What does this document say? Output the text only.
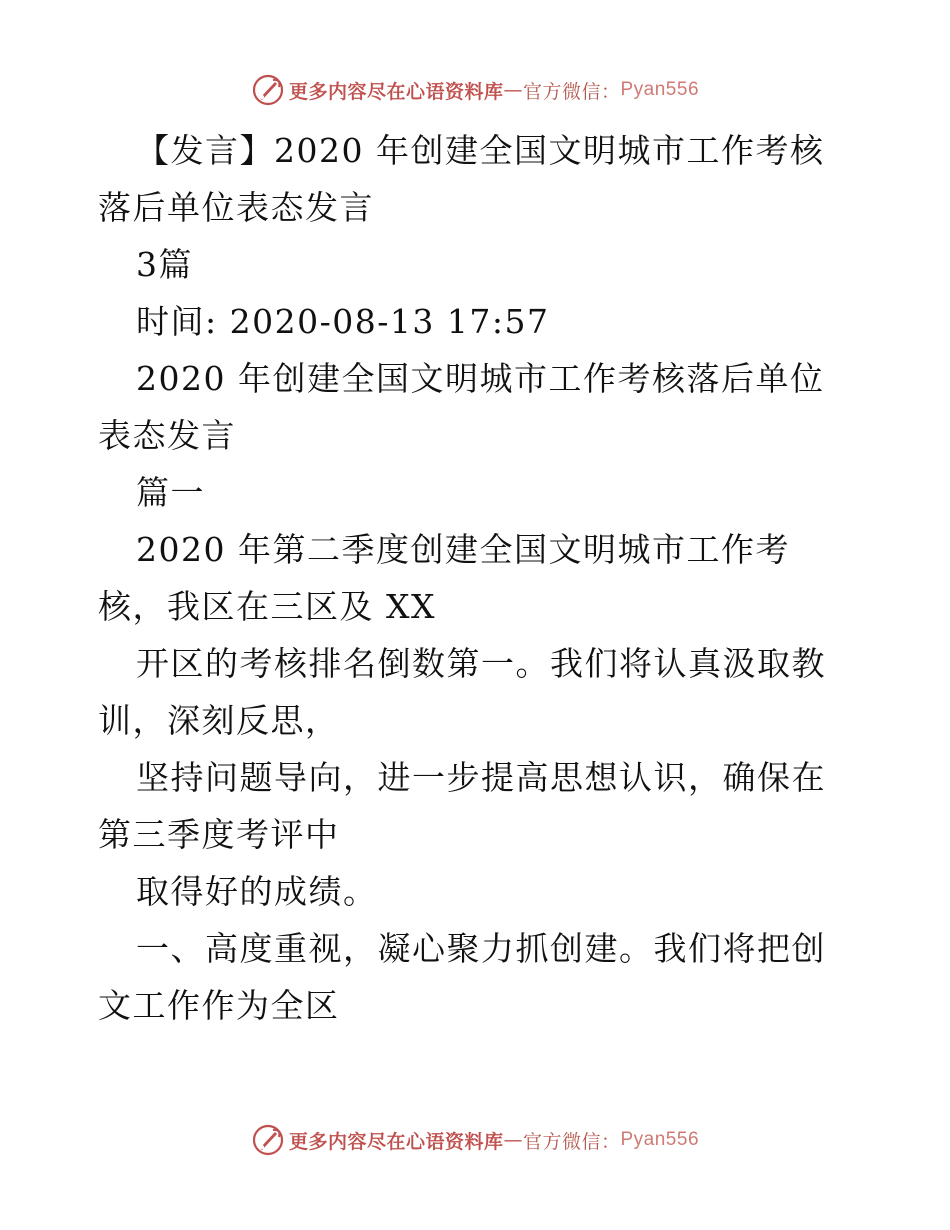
更多内容尽在心语资料库 — 官方微信： Pyan556

【发言】2020 年创建全国文明城市工作考核落后单位表态发言

3篇

时间: 2020-08-13 17:57

2020 年创建全国文明城市工作考核落后单位表态发言

篇一

2020 年第二季度创建全国文明城市工作考核，我区在三区及 XX

开区的考核排名倒数第一。我们将认真汲取教训，深刻反思，

坚持问题导向，进一步提高思想认识，确保在第三季度考评中

取得好的成绩。

一、高度重视，凝心聚力抓创建。我们将把创文工作作为全区

更多内容尽在心语资料库 — 官方微信： Pyan556
